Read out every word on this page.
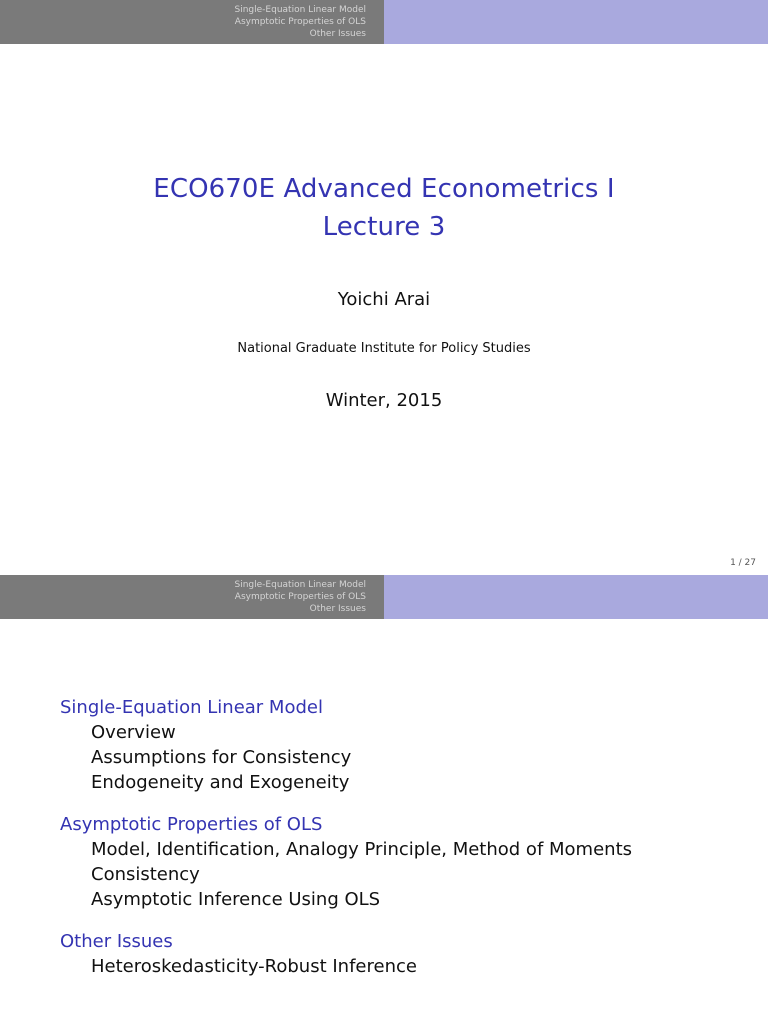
Single-Equation Linear Model
Asymptotic Properties of OLS
Other Issues
ECO670E Advanced Econometrics I
Lecture 3
Yoichi Arai
National Graduate Institute for Policy Studies
Winter, 2015
1 / 27
Single-Equation Linear Model
Asymptotic Properties of OLS
Other Issues
Single-Equation Linear Model
Overview
Assumptions for Consistency
Endogeneity and Exogeneity
Asymptotic Properties of OLS
Model, Identification, Analogy Principle, Method of Moments
Consistency
Asymptotic Inference Using OLS
Other Issues
Heteroskedasticity-Robust Inference
